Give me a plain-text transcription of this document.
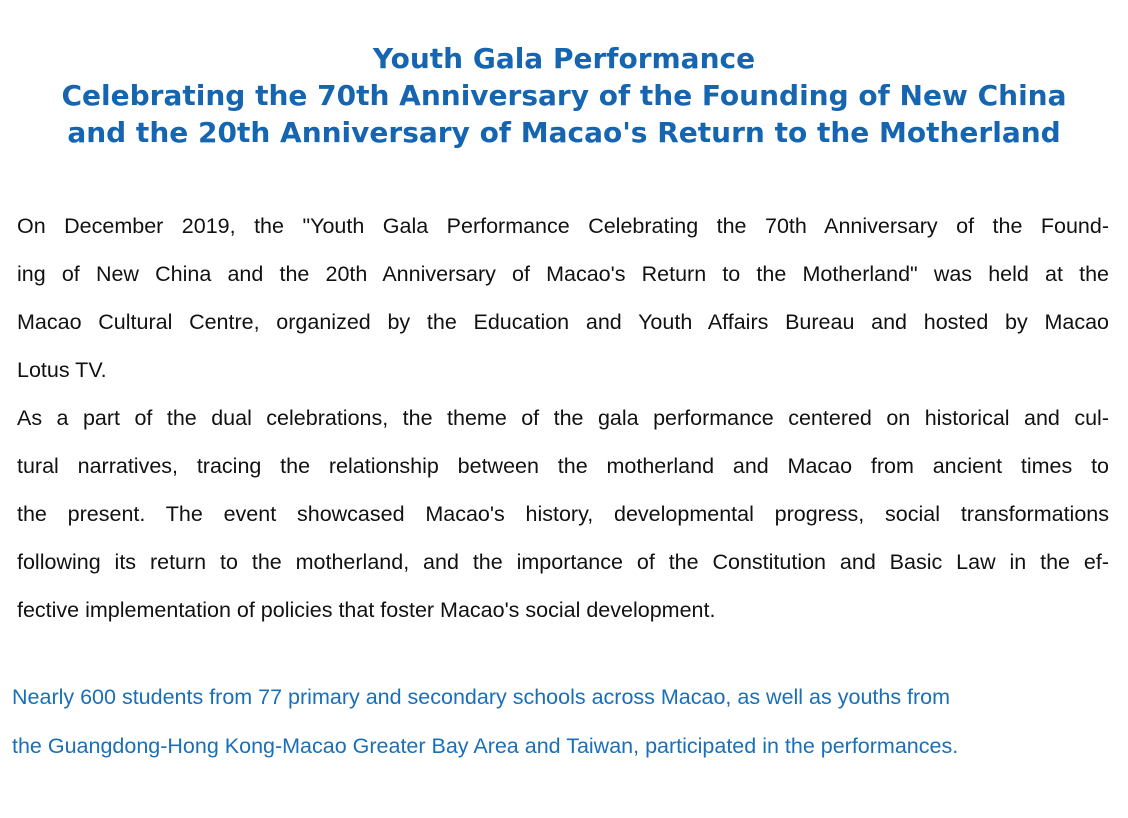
Youth Gala Performance
Celebrating the 70th Anniversary of the Founding of New China
and the 20th Anniversary of Macao's Return to the Motherland

On December 2019, the "Youth Gala Performance Celebrating the 70th Anniversary of the Found-
ing of New China and the 20th Anniversary of Macao's Return to the Motherland" was held at the
Macao Cultural Centre, organized by the Education and Youth Affairs Bureau and hosted by Macao
Lotus TV.

As a part of the dual celebrations, the theme of the gala performance centered on historical and cul-
tural narratives, tracing the relationship between the motherland and Macao from ancient times to
the present. The event showcased Macao's history, developmental progress, social transformations
following its return to the motherland, and the importance of the Constitution and Basic Law in the ef-
fective implementation of policies that foster Macao's social development.

Nearly 600 students from 77 primary and secondary schools across Macao, as well as youths from
the Guangdong-Hong Kong-Macao Greater Bay Area and Taiwan, participated in the performances.
